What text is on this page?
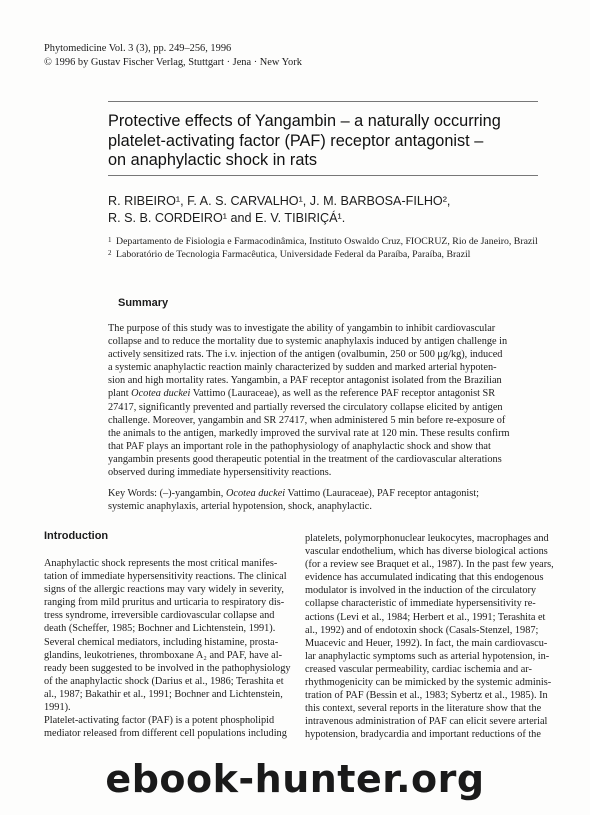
Phytomedicine Vol. 3 (3), pp. 249–256, 1996
© 1996 by Gustav Fischer Verlag, Stuttgart · Jena · New York
Protective effects of Yangambin – a naturally occurring
platelet-activating factor (PAF) receptor antagonist –
on anaphylactic shock in rats
R. RIBEIRO¹, F. A. S. CARVALHO¹, J. M. BARBOSA-FILHO²,
R. S. B. CORDEIRO¹ and E. V. TIBIRIÇÁ¹.
1 Departamento de Fisiologia e Farmacodinâmica, Instituto Oswaldo Cruz, FIOCRUZ, Rio de Janeiro, Brazil
2 Laboratório de Tecnologia Farmacêutica, Universidade Federal da Paraíba, Paraíba, Brazil
Summary
The purpose of this study was to investigate the ability of yangambin to inhibit cardiovascular
collapse and to reduce the mortality due to systemic anaphylaxis induced by antigen challenge in
actively sensitized rats. The i.v. injection of the antigen (ovalbumin, 250 or 500 μg/kg), induced
a systemic anaphylactic reaction mainly characterized by sudden and marked arterial hypoten-
sion and high mortality rates. Yangambin, a PAF receptor antagonist isolated from the Brazilian
plant Ocotea duckei Vattimo (Lauraceae), as well as the reference PAF receptor antagonist SR
27417, significantly prevented and partially reversed the circulatory collapse elicited by antigen
challenge. Moreover, yangambin and SR 27417, when administered 5 min before re-exposure of
the animals to the antigen, markedly improved the survival rate at 120 min. These results confirm
that PAF plays an important role in the pathophysiology of anaphylactic shock and show that
yangambin presents good therapeutic potential in the treatment of the cardiovascular alterations
observed during immediate hypersensitivity reactions.
Key Words: (–)-yangambin, Ocotea duckei Vattimo (Lauraceae), PAF receptor antagonist;
systemic anaphylaxis, arterial hypotension, shock, anaphylactic.
Introduction
Anaphylactic shock represents the most critical manifes-
tation of immediate hypersensitivity reactions. The clinical
signs of the allergic reactions may vary widely in severity,
ranging from mild pruritus and urticaria to respiratory dis-
tress syndrome, irreversible cardiovascular collapse and
death (Scheffer, 1985; Bochner and Lichtenstein, 1991).
Several chemical mediators, including histamine, prosta-
glandins, leukotrienes, thromboxane A₂ and PAF, have al-
ready been suggested to be involved in the pathophysiology
of the anaphylactic shock (Darius et al., 1986; Terashita et
al., 1987; Bakathir et al., 1991; Bochner and Lichtenstein,
1991).
Platelet-activating factor (PAF) is a potent phospholipid
mediator released from different cell populations including
platelets, polymorphonuclear leukocytes, macrophages and
vascular endothelium, which has diverse biological actions
(for a review see Braquet et al., 1987). In the past few years,
evidence has accumulated indicating that this endogenous
modulator is involved in the induction of the circulatory
collapse characteristic of immediate hypersensitivity re-
actions (Levi et al., 1984; Herbert et al., 1991; Terashita et
al., 1992) and of endotoxin shock (Casals-Stenzel, 1987;
Muacevic and Heuer, 1992). In fact, the main cardiovascu-
lar anaphylactic symptoms such as arterial hypotension, in-
creased vascular permeability, cardiac ischemia and ar-
rhythmogenicity can be mimicked by the systemic adminis-
tration of PAF (Bessin et al., 1983; Sybertz et al., 1985). In
this context, several reports in the literature show that the
intravenous administration of PAF can elicit severe arterial
hypotension, bradycardia and important reductions of the
ebook-hunter.org
